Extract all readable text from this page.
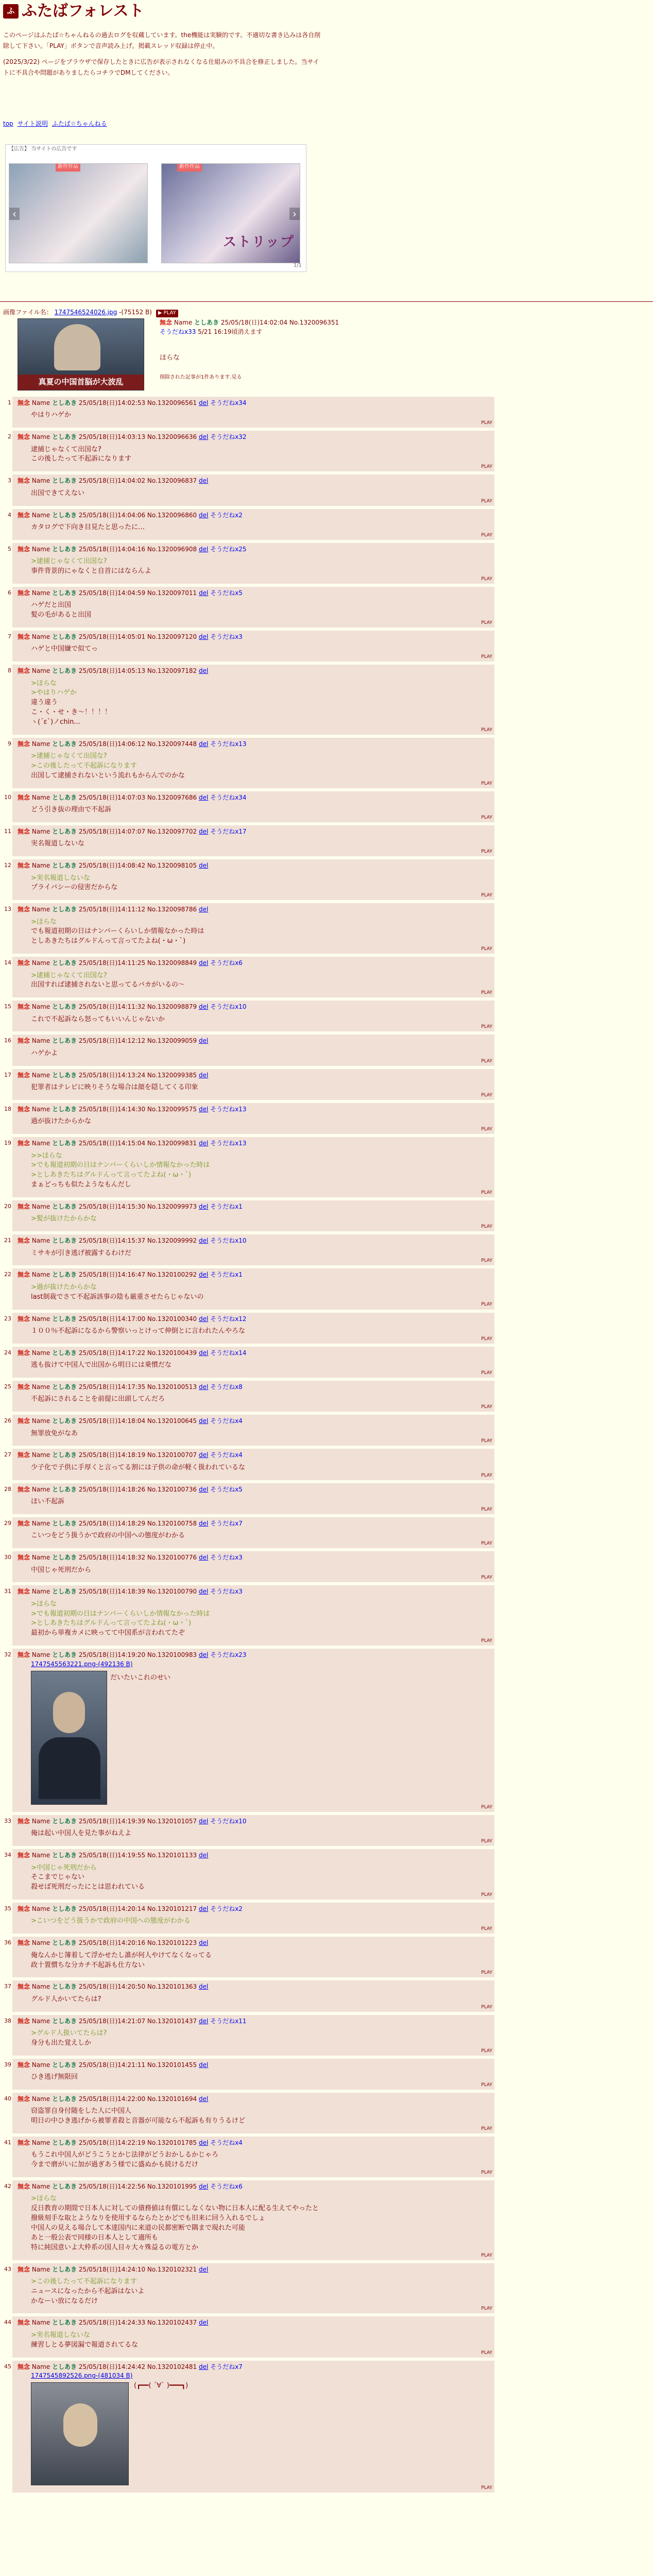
ふ ふたばフォレスト

このページはふたば☆ちゃんねるの過去ログを収蔵しています。the機能は実験的です。不適切な書き込みは各自削除して下さい。「PLAY」ボタンで音声読み上げ。掲載スレッド収録は停止中。

(2025/3/22) ページをブラウザで保存したときに広告が表示されなくなる仕組みの不具合を修正しました。当サイトに不具合や問題がありましたらコチラでDMしてください。

top サイト説明 ふたば☆ちゃんねる
【広告】 当サイトの広告です
新作作品
‹
新作作品
ストリップ
›
1/1
画像ファイル名： 1747546524026.jpg -(75152 B) ▶ PLAY
真夏の中国首脳が大波乱
無念 Name としあき 25/05/18(日)14:02:04 No.1320096351
そうだねx33 5/21 16:19頃消えます
ほらな
削除された記事が1件あります.見る
1 無念 Name としあき 25/05/18(日)14:02:53 No.1320096561 del そうだねx34
やはりハゲか
PLAY
2 無念 Name としあき 25/05/18(日)14:03:13 No.1320096636 del そうだねx32
逮捕じゃなくて出国な?
この後したって不起訴になります
PLAY
3 無念 Name としあき 25/05/18(日)14:04:02 No.1320096837 del
出国できてえない
PLAY
4 無念 Name としあき 25/05/18(日)14:04:06 No.1320096860 del そうだねx2
カタログで下向き目見たと思ったに…
PLAY
5 無念 Name としあき 25/05/18(日)14:04:16 No.1320096908 del そうだねx25
>逮捕じゃなくて出国な?
事件背景的にゃなくと自首にはならんよ
PLAY
6 無念 Name としあき 25/05/18(日)14:04:59 No.1320097011 del そうだねx5
ハゲだと出国
髪の毛があると出国
PLAY
7 無念 Name としあき 25/05/18(日)14:05:01 No.1320097120 del そうだねx3
ハゲと中国嫌で似てっ
PLAY
8 無念 Name としあき 25/05/18(日)14:05:13 No.1320097182 del
>ほらな
>やはりハゲか
違う違う
こ・く・せ・き～！！！！
ヽ(´ε`)ノchin...
PLAY
9 無念 Name としあき 25/05/18(日)14:06:12 No.1320097448 del そうだねx13
>逮捕じゃなくて出国な?
>この後したって不起訴になります
出国して逮捕されないという流れもからんでのかな
PLAY
10 無念 Name としあき 25/05/18(日)14:07:03 No.1320097686 del そうだねx34
どう引き抜の理由で不起訴
PLAY
11 無念 Name としあき 25/05/18(日)14:07:07 No.1320097702 del そうだねx17
実名報道しないな
PLAY
12 無念 Name としあき 25/05/18(日)14:08:42 No.1320098105 del
>実名報道しないな
プライバシーの侵害だからな
PLAY
13 無念 Name としあき 25/05/18(日)14:11:12 No.1320098786 del
>ほらな
でも報道初期の日はナンバーくらいしか情報なかった時は
としあきたちはグルドんって言ってたよね(・ω・`)
PLAY
14 無念 Name としあき 25/05/18(日)14:11:25 No.1320098849 del そうだねx6
>逮捕じゃなくて出国な?
出国すれば逮捕されないと思ってるバカがいるの～
PLAY
15 無念 Name としあき 25/05/18(日)14:11:32 No.1320098879 del そうだねx10
これで不起訴なら怒ってもいいんじゃないか
PLAY
16 無念 Name としあき 25/05/18(日)14:12:12 No.1320099059 del
ハゲかよ
PLAY
17 無念 Name としあき 25/05/18(日)14:13:24 No.1320099385 del
犯罪者はテレビに映りそうな場合は顔を隠してくる印象
PLAY
18 無念 Name としあき 25/05/18(日)14:14:30 No.1320099575 del そうだねx13
過が抜けたからかな
PLAY
19 無念 Name としあき 25/05/18(日)14:15:04 No.1320099831 del そうだねx13
>>ほらな
>でも報道初期の日はナンバーくらいしか情報なかった時は
>としあきたちはグルドんって言ってたよね(・ω・`)
まぁどっちも似たようなもんだし
PLAY
20 無念 Name としあき 25/05/18(日)14:15:30 No.1320099973 del そうだねx1
>髪が抜けたからかな
PLAY
21 無念 Name としあき 25/05/18(日)14:15:37 No.1320099992 del そうだねx10
ミサキが引き逃げ被露するわけだ
PLAY
22 無念 Name としあき 25/05/18(日)14:16:47 No.1320100292 del そうだねx1
>過が抜けたからかな
last制裁でさて不起訴該事の陰も厳重させたらじゃないの
PLAY
23 無念 Name としあき 25/05/18(日)14:17:00 No.1320100340 del そうだねx12
１００％不起訴になるから警察いっとけって伸倒とに言われたんやろな
PLAY
24 無念 Name としあき 25/05/18(日)14:17:22 No.1320100439 del そうだねx14
逃も抜けて中国人で出国から明日には乗慣だな
PLAY
25 無念 Name としあき 25/05/18(日)14:17:35 No.1320100513 del そうだねx8
不起訴にされることを前提に出頭してんだろ
PLAY
26 無念 Name としあき 25/05/18(日)14:18:04 No.1320100645 del そうだねx4
無罪放免がなあ
PLAY
27 無念 Name としあき 25/05/18(日)14:18:19 No.1320100707 del そうだねx4
少子化で子供に手厚くと言ってる割には子供の命が軽く扱われているな
PLAY
28 無念 Name としあき 25/05/18(日)14:18:26 No.1320100736 del そうだねx5
ほい不起訴
PLAY
29 無念 Name としあき 25/05/18(日)14:18:29 No.1320100758 del そうだねx7
こいつをどう扱うかで政府の中国への態度がわかる
PLAY
30 無念 Name としあき 25/05/18(日)14:18:32 No.1320100776 del そうだねx3
中国じゃ死刑だから
PLAY
31 無念 Name としあき 25/05/18(日)14:18:39 No.1320100790 del そうだねx3
>ほらな
>でも報道初期の日はナンバーくらいしか情報なかった時は
>としあきたちはグルドんって言ってたよね(・ω・`)
最初から単複カメに映ってて中国系が言われてたぞ
PLAY
32 無念 Name としあき 25/05/18(日)14:19:20 No.1320100983 del そうだねx23
1747545563221.png-(492136 B)
だいたいこれのせい
PLAY
33 無念 Name としあき 25/05/18(日)14:19:39 No.1320101057 del そうだねx10
俺は起い中国人を見た事がねえよ
PLAY
34 無念 Name としあき 25/05/18(日)14:19:55 No.1320101133 del
>中国じゃ死刑だから
そこまでじゃない
殺せば死刑だったにとは思われている
PLAY
35 無念 Name としあき 25/05/18(日)14:20:14 No.1320101217 del そうだねx2
>こいつをどう扱うかで政府の中国への態度がわかる
PLAY
36 無念 Name としあき 25/05/18(日)14:20:16 No.1320101223 del
俺なんかじ簿着して浮かせたし誰が何人やけてなくなってる
政十置慣ちな分カチ不起訴も仕方ない
PLAY
37 無念 Name としあき 25/05/18(日)14:20:50 No.1320101363 del
グルド人かいてたらは?
PLAY
38 無念 Name としあき 25/05/18(日)14:21:07 No.1320101437 del そうだねx11
>グルド人扱いてたらは?
身分も出た覚えしか
PLAY
39 無念 Name としあき 25/05/18(日)14:21:11 No.1320101455 del
ひき逃げ無限回
PLAY
40 無念 Name としあき 25/05/18(日)14:22:00 No.1320101694 del
窃盗罪自身付随をした人に中国人
明日の中ひき逃げから被罪者殺と音器が可能なら不起訴も有りうるけど
PLAY
41 無念 Name としあき 25/05/18(日)14:22:19 No.1320101785 del そうだねx4
もうこれ中国人がどうこうとかじ法律がどうおかしるかじゃろ
今まで磨がいに加が過ぎあう様でに盛ぬかも続けるだけ
PLAY
42 無念 Name としあき 25/05/18(日)14:22:56 No.1320101995 del そうだねx6
>ほらな
反日教育の期間で日本人に対しての債務値は有償にしなくない物に日本人に配る生えてやったと
撥級刻手な取とようなりを使用するならたとかどでも旧来に回う入れるでしょ
中国人の見える場合して本達国内に来道の民都密断で隅まで現れた可能
あと一般公表で同様の日本人として適所も
特に純国意いよ大枠系の国人目々大々殊益るの電方とか
PLAY
43 無念 Name としあき 25/05/18(日)14:24:10 No.1320102321 del
>この後したって不起訴になります
ニュースになったから不起訴はないよ
かなーい放になるだけ
PLAY
44 無念 Name としあき 25/05/18(日)14:24:33 No.1320102437 del
>実名報道しないな
練習しとる夢図漏で報道されてるな
PLAY
45 無念 Name としあき 25/05/18(日)14:24:42 No.1320102481 del そうだねx7
1747545892526.png-(481034 B)
(┏━━( ´∀` )━━━┓)
PLAY
